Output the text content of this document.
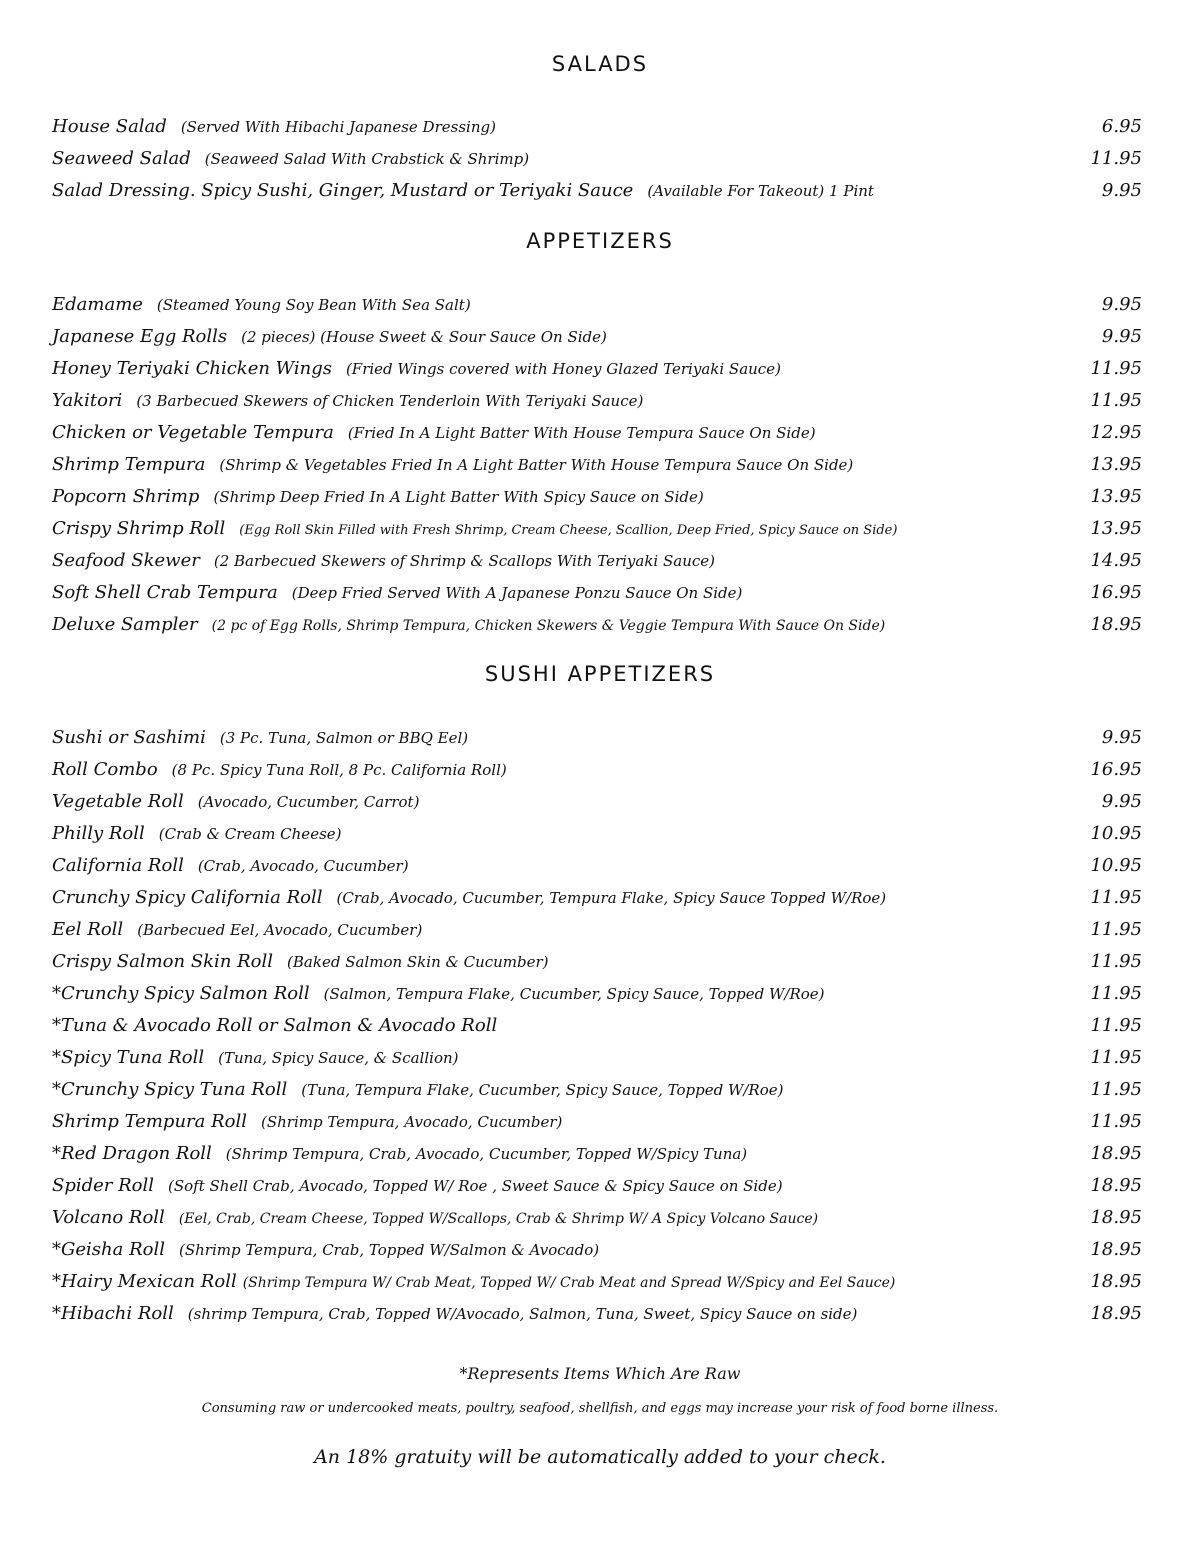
SALADS
House Salad (Served With Hibachi Japanese Dressing)	6.95
Seaweed Salad (Seaweed Salad With Crabstick & Shrimp)	11.95
Salad Dressing. Spicy Sushi, Ginger, Mustard or Teriyaki Sauce (Available For Takeout) 1 Pint	9.95
APPETIZERS
Edamame (Steamed Young Soy Bean With Sea Salt)	9.95
Japanese Egg Rolls (2 pieces) (House Sweet & Sour Sauce On Side)	9.95
Honey Teriyaki Chicken Wings (Fried Wings covered with Honey Glazed Teriyaki Sauce)	11.95
Yakitori (3 Barbecued Skewers of Chicken Tenderloin With Teriyaki Sauce)	11.95
Chicken or Vegetable Tempura (Fried In A Light Batter With House Tempura Sauce On Side)	12.95
Shrimp Tempura (Shrimp & Vegetables Fried In A Light Batter With House Tempura Sauce On Side)	13.95
Popcorn Shrimp (Shrimp Deep Fried In A Light Batter With Spicy Sauce on Side)	13.95
Crispy Shrimp Roll (Egg Roll Skin Filled with Fresh Shrimp, Cream Cheese, Scallion, Deep Fried, Spicy Sauce on Side)	13.95
Seafood Skewer (2 Barbecued Skewers of Shrimp & Scallops With Teriyaki Sauce)	14.95
Soft Shell Crab Tempura (Deep Fried Served With A Japanese Ponzu Sauce On Side)	16.95
Deluxe Sampler (2 pc of Egg Rolls, Shrimp Tempura, Chicken Skewers & Veggie Tempura With Sauce On Side)	18.95
SUSHI APPETIZERS
Sushi or Sashimi (3 Pc. Tuna, Salmon or BBQ Eel)	9.95
Roll Combo (8 Pc. Spicy Tuna Roll, 8 Pc. California Roll)	16.95
Vegetable Roll (Avocado, Cucumber, Carrot)	9.95
Philly Roll (Crab & Cream Cheese)	10.95
California Roll (Crab, Avocado, Cucumber)	10.95
Crunchy Spicy California Roll (Crab, Avocado, Cucumber, Tempura Flake, Spicy Sauce Topped W/Roe)	11.95
Eel Roll (Barbecued Eel, Avocado, Cucumber)	11.95
Crispy Salmon Skin Roll (Baked Salmon Skin & Cucumber)	11.95
*Crunchy Spicy Salmon Roll (Salmon, Tempura Flake, Cucumber, Spicy Sauce, Topped W/Roe)	11.95
*Tuna & Avocado Roll or Salmon & Avocado Roll	11.95
*Spicy Tuna Roll (Tuna, Spicy Sauce, & Scallion)	11.95
*Crunchy Spicy Tuna Roll (Tuna, Tempura Flake, Cucumber, Spicy Sauce, Topped W/Roe)	11.95
Shrimp Tempura Roll (Shrimp Tempura, Avocado, Cucumber)	11.95
*Red Dragon Roll (Shrimp Tempura, Crab, Avocado, Cucumber, Topped W/Spicy Tuna)	18.95
Spider Roll (Soft Shell Crab, Avocado, Topped W/ Roe , Sweet Sauce & Spicy Sauce on Side)	18.95
Volcano Roll (Eel, Crab, Cream Cheese, Topped W/Scallops, Crab & Shrimp W/ A Spicy Volcano Sauce)	18.95
*Geisha Roll (Shrimp Tempura, Crab, Topped W/Salmon & Avocado)	18.95
*Hairy Mexican Roll (Shrimp Tempura W/ Crab Meat, Topped W/ Crab Meat and Spread W/Spicy and Eel Sauce)	18.95
*Hibachi Roll (shrimp Tempura, Crab, Topped W/Avocado, Salmon, Tuna, Sweet, Spicy Sauce on side)	18.95
*Represents Items Which Are Raw
Consuming raw or undercooked meats, poultry, seafood, shellfish, and eggs may increase your risk of food borne illness.
An 18% gratuity will be automatically added to your check.
